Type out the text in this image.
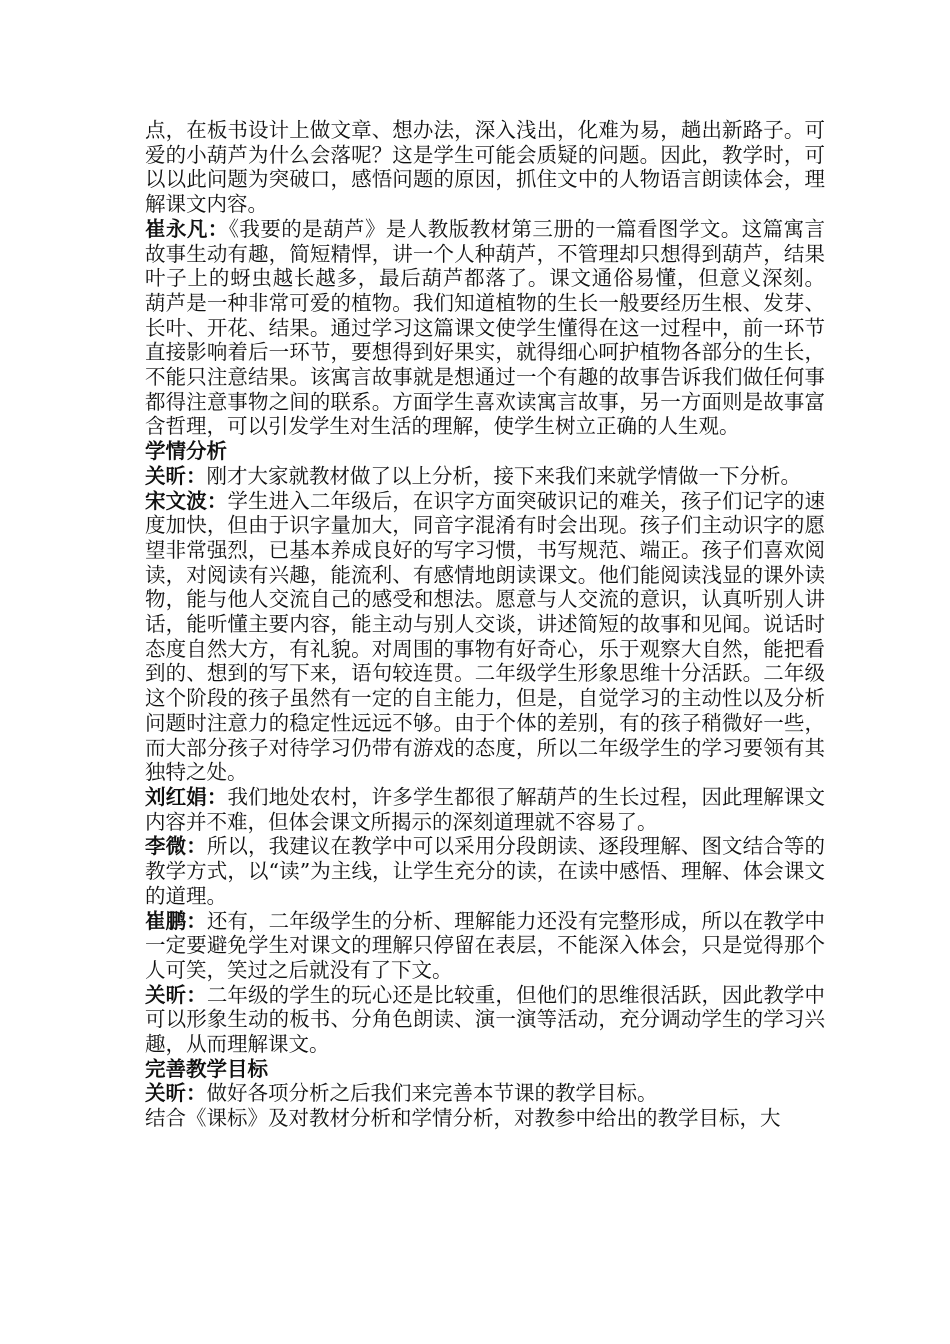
点，在板书设计上做文章、想办法，深入浅出，化难为易，趟出新路子。可爱的小葫芦为什么会落呢？这是学生可能会质疑的问题。因此，教学时，可以以此问题为突破口，感悟问题的原因，抓住文中的人物语言朗读体会，理解课文内容。

崔永凡：《我要的是葫芦》是人教版教材第三册的一篇看图学文。这篇寓言故事生动有趣，简短精悍，讲一个人种葫芦，不管理却只想得到葫芦，结果叶子上的蚜虫越长越多，最后葫芦都落了。课文通俗易懂，但意义深刻。 葫芦是一种非常可爱的植物。我们知道植物的生长一般要经历生根、发芽、长叶、开花、结果。通过学习这篇课文使学生懂得在这一过程中，前一环节直接影响着后一环节，要想得到好果实，就得细心呵护植物各部分的生长，不能只注意结果。该寓言故事就是想通过一个有趣的故事告诉我们做任何事都得注意事物之间的联系。方面学生喜欢读寓言故事，另一方面则是故事富含哲理，可以引发学生对生活的理解，使学生树立正确的人生观。

学情分析

关昕：刚才大家就教材做了以上分析，接下来我们来就学情做一下分析。

宋文波：学生进入二年级后，在识字方面突破识记的难关，孩子们记字的速度加快，但由于识字量加大，同音字混淆有时会出现。孩子们主动识字的愿望非常强烈，已基本养成良好的写字习惯，书写规范、端正。孩子们喜欢阅读，对阅读有兴趣，能流利、有感情地朗读课文。他们能阅读浅显的课外读物，能与他人交流自己的感受和想法。愿意与人交流的意识，认真听别人讲话，能听懂主要内容，能主动与别人交谈，讲述简短的故事和见闻。说话时态度自然大方，有礼貌。对周围的事物有好奇心，乐于观察大自然，能把看到的、想到的写下来，语句较连贯。二年级学生形象思维十分活跃。二年级这个阶段的孩子虽然有一定的自主能力，但是，自觉学习的主动性以及分析问题时注意力的稳定性远远不够。由于个体的差别，有的孩子稍微好一些，而大部分孩子对待学习仍带有游戏的态度，所以二年级学生的学习要领有其独特之处。

刘红娟：我们地处农村，许多学生都很了解葫芦的生长过程，因此理解课文内容并不难，但体会课文所揭示的深刻道理就不容易了。

李微：所以，我建议在教学中可以采用分段朗读、逐段理解、图文结合等的教学方式，以“读”为主线，让学生充分的读，在读中感悟、理解、体会课文的道理。

崔鹏：还有，二年级学生的分析、理解能力还没有完整形成，所以在教学中一定要避免学生对课文的理解只停留在表层，不能深入体会，只是觉得那个人可笑，笑过之后就没有了下文。

关昕：二年级的学生的玩心还是比较重，但他们的思维很活跃，因此教学中可以形象生动的板书、分角色朗读、演一演等活动，充分调动学生的学习兴趣，从而理解课文。

完善教学目标

关昕：做好各项分析之后我们来完善本节课的教学目标。

结合《课标》及对教材分析和学情分析，对教参中给出的教学目标，大
